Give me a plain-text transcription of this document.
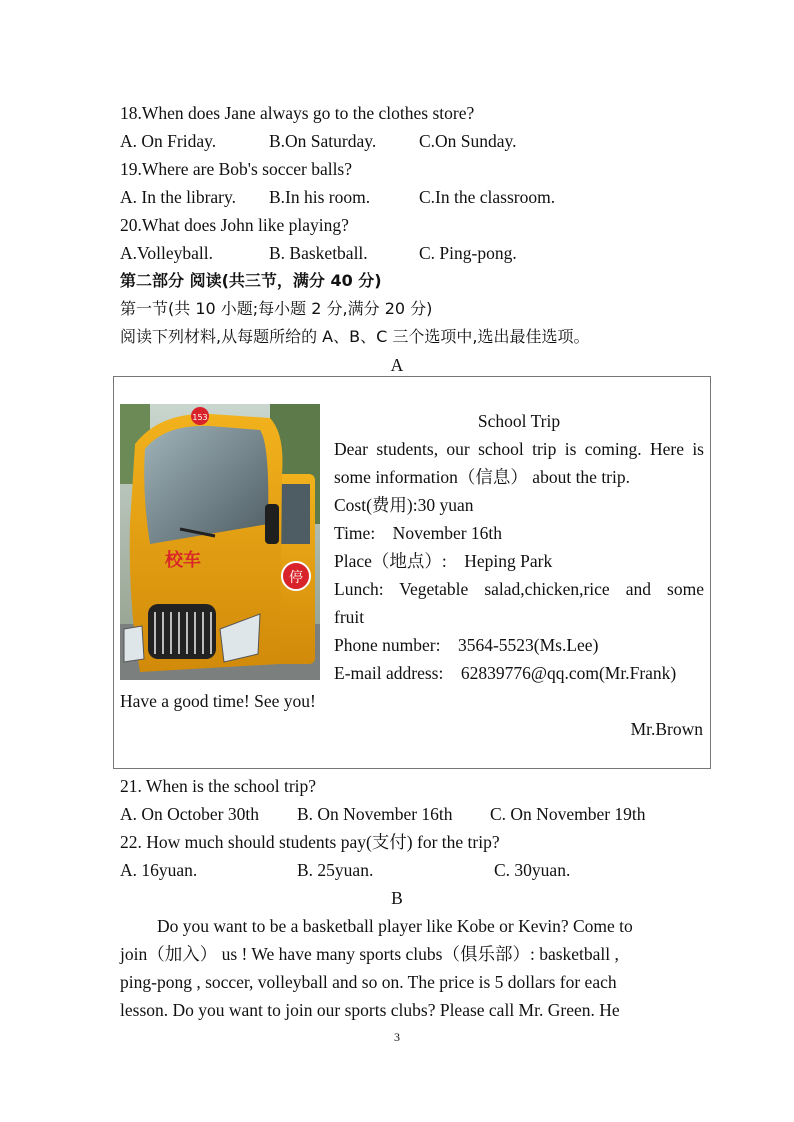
18.When does Jane always go to the clothes store?
A. On Friday.	B.On Saturday. C.On Sunday.
19.Where are Bob's soccer balls?
A. In the library. B.In his room.	C.In the classroom.
20.What does John like playing?
A.Volleyball.	B. Basketball.	C. Ping-pong.
第二部分 阅读(共三节，满分 40 分)
第一节(共 10 小题;每小题 2 分,满分 20 分)
阅读下列材料,从每题所给的 A、B、C 三个选项中,选出最佳选项。
A
153
校车
停
School Trip
Dear students, our school trip is coming. Here is
some information（信息） about the trip.
Cost(费用):30 yuan
Time:    November 16th
Place（地点）:    Heping Park
Lunch: Vegetable salad,chicken,rice and some
fruit
Phone number:    3564-5523(Ms.Lee)
E-mail address:    62839776@qq.com(Mr.Frank)
Have a good time! See you!
Mr.Brown
21. When is the school trip?
A. On October 30th B. On November 16th C. On November 19th
22. How much should students pay(支付) for the trip?
A. 16yuan.	B. 25yuan.	C. 30yuan.
B
Do you want to be a basketball player like Kobe or Kevin? Come to
join（加入） us ! We have many sports clubs（俱乐部）: basketball ,
ping-pong , soccer, volleyball and so on. The price is 5 dollars for each
lesson. Do you want to join our sports clubs? Please call Mr. Green. He
3
